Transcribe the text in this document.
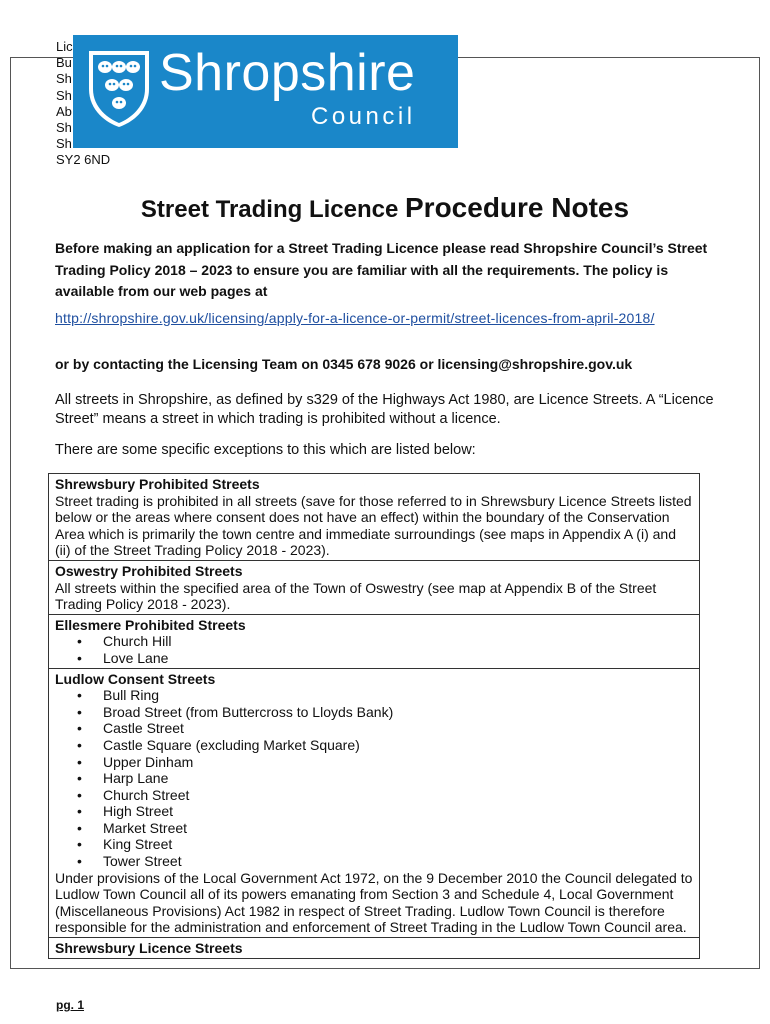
Lic
Bu
Sh
Sh
Ab
Sh
Sh
SY2 6ND
Shropshire
Council
Street Trading Licence Procedure Notes

Before making an application for a Street Trading Licence please read Shropshire Council’s Street Trading Policy 2018 – 2023 to ensure you are familiar with all the requirements. The policy is available from our web pages at

http://shropshire.gov.uk/licensing/apply-for-a-licence-or-permit/street-licences-from-april-2018/

or by contacting the Licensing Team on 0345 678 9026 or licensing@shropshire.gov.uk

All streets in Shropshire, as defined by s329 of the Highways Act 1980, are Licence Streets. A “Licence Street” means a street in which trading is prohibited without a licence.

There are some specific exceptions to this which are listed below:

Shrewsbury Prohibited Streets
Street trading is prohibited in all streets (save for those referred to in Shrewsbury Licence Streets listed below or the areas where consent does not have an effect) within the boundary of the Conservation Area which is primarily the town centre and immediate surroundings (see maps in Appendix A (i) and (ii) of the Street Trading Policy 2018 - 2023).
Oswestry Prohibited Streets
All streets within the specified area of the Town of Oswestry (see map at Appendix B of the Street Trading Policy 2018 - 2023).
Ellesmere Prohibited Streets
• Church Hill
• Love Lane
Ludlow Consent Streets
• Bull Ring
• Broad Street (from Buttercross to Lloyds Bank)
• Castle Street
• Castle Square (excluding Market Square)
• Upper Dinham
• Harp Lane
• Church Street
• High Street
• Market Street
• King Street
• Tower Street
Under provisions of the Local Government Act 1972, on the 9 December 2010 the Council delegated to Ludlow Town Council all of its powers emanating from Section 3 and Schedule 4, Local Government (Miscellaneous Provisions) Act 1982 in respect of Street Trading. Ludlow Town Council is therefore responsible for the administration and enforcement of Street Trading in the Ludlow Town Council area.
Shrewsbury Licence Streets
pg. 1
